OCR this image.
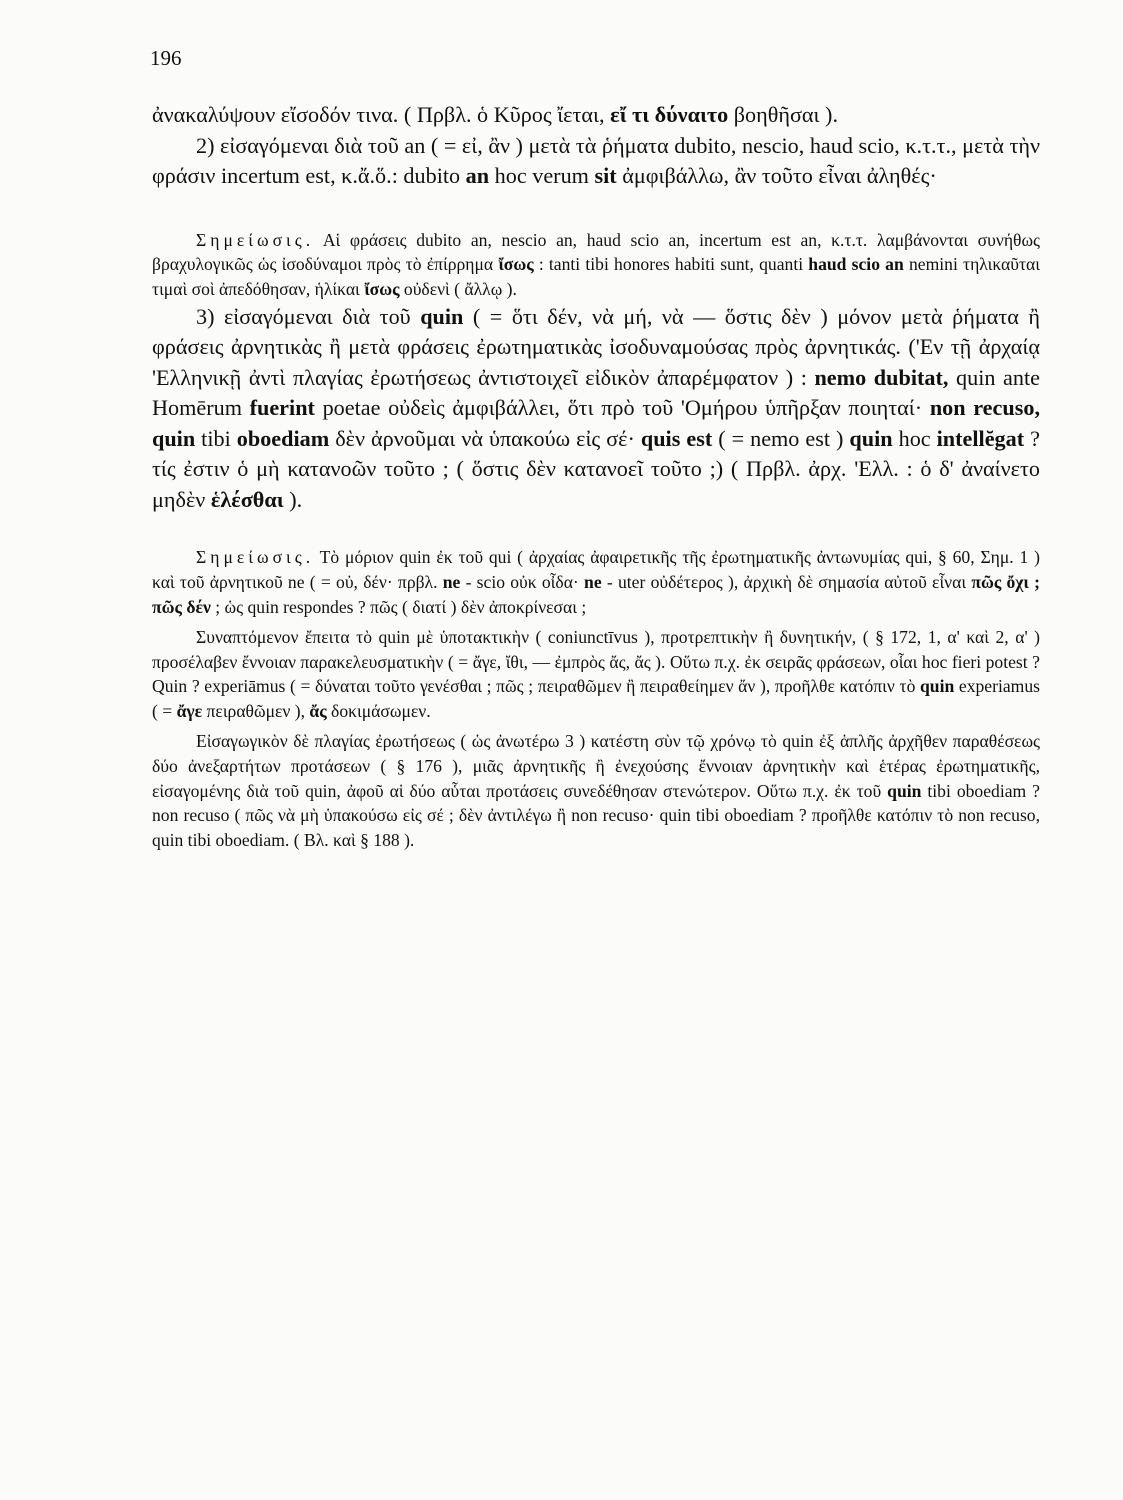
196

ἀνακαλύψουν εἴσοδόν τινα. ( Πρβλ. ὁ Κῦρος ἴεται, εἴ τι δύναιτο βοηθῆσαι ).

2) εἰσαγόμεναι διὰ τοῦ an ( = εἰ, ἂν ) μετὰ τὰ ῥήματα dubito, nescio, haud scio, κ.τ.τ., μετὰ τὴν φράσιν incertum est, κ.ἄ.ὅ.: dubito an hoc verum sit ἀμφιβάλλω, ἂν τοῦτο εἶναι ἀληθές·

Σημείωσις. Αἱ φράσεις dubito an, nescio an, haud scio an, incertum est an, κ.τ.τ. λαμβάνονται συνήθως βραχυλογικῶς ὡς ἰσοδύναμοι πρὸς τὸ ἐπίρρημα ἴσως : tanti tibi honores habiti sunt, quanti haud scio an nemini τηλικαῦται τιμαὶ σοὶ ἀπεδόθησαν, ἡλίκαι ἴσως οὐδενὶ ( ἄλλῳ ).

3) εἰσαγόμεναι διὰ τοῦ quin ( = ὅτι δέν, νὰ μή, νὰ — ὅστις δὲν ) μόνον μετὰ ῥήματα ἢ φράσεις ἀρνητικὰς ἢ μετὰ φράσεις ἐρωτηματικὰς ἰσοδυναμούσας πρὸς ἀρνητικάς. ('Εν τῇ ἀρχαίᾳ 'Ελληνικῇ ἀντὶ πλαγίας ἐρωτήσεως ἀντιστοιχεῖ εἰδικὸν ἀπαρέμφατον ) : nemo dubitat, quin ante Homērum fuerint poetae οὐδεὶς ἀμφιβάλλει, ὅτι πρὸ τοῦ 'Ομήρου ὑπῆρξαν ποιηταί· non recuso, quin tibi oboediam δὲν ἀρνοῦμαι νὰ ὑπακούω εἰς σέ· quis est ( = nemo est ) quin hoc intellĕgat ? τίς ἐστιν ὁ μὴ κατανοῶν τοῦτο ; ( ὅστις δὲν κατανοεῖ τοῦτο ;) ( Πρβλ. ἀρχ. 'Ελλ. : ὁ δ' ἀναίνετο μηδὲν ἑλέσθαι ).

Σημείωσις. Τὸ μόριον quin ἐκ τοῦ qui ( ἀρχαίας ἀφαιρετικῆς τῆς ἐρωτηματικῆς ἀντωνυμίας qui, § 60, Σημ. 1 ) καὶ τοῦ ἀρνητικοῦ ne ( = οὐ, δέν· πρβλ. ne - scio οὐκ οἶδα· ne - uter οὐδέτερος ), ἀρχικὴ δὲ σημασία αὐτοῦ εἶναι πῶς ὄχι ; πῶς δέν ; ὡς quin respondes ? πῶς ( διατί ) δὲν ἀποκρίνεσαι ;

Συναπτόμενον ἔπειτα τὸ quin μὲ ὑποτακτικὴν ( coniunctīvus ), προτρεπτικὴν ἢ δυνητικήν, ( § 172, 1, α' καὶ 2, α' ) προσέλαβεν ἔννοιαν παρακελευσματικὴν ( = ἄγε, ἴθι, — ἐμπρὸς ἄς, ἄς ). Οὕτω π.χ. ἐκ σειρᾶς φράσεων, οἷαι hoc fieri potest ? Quin ? experiāmus ( = δύναται τοῦτο γενέσθαι ; πῶς ; πειραθῶμεν ἢ πειραθείημεν ἄν ), προῆλθε κατόπιν τὸ quin experiamus ( = ἄγε πειραθῶμεν ), ἄς δοκιμάσωμεν.

Εἰσαγωγικὸν δὲ πλαγίας ἐρωτήσεως ( ὡς ἀνωτέρω 3 ) κατέστη σὺν τῷ χρόνῳ τὸ quin ἐξ ἁπλῆς ἀρχῆθεν παραθέσεως δύο ἀνεξαρτήτων προτάσεων ( § 176 ), μιᾶς ἀρνητικῆς ἢ ἐνεχούσης ἔννοιαν ἀρνητικὴν καὶ ἑτέρας ἐρωτηματικῆς, εἰσαγομένης διὰ τοῦ quin, ἀφοῦ αἱ δύο αὗται προτάσεις συνεδέθησαν στενώτερον. Οὕτω π.χ. ἐκ τοῦ quin tibi oboediam ? non recuso ( πῶς νὰ μὴ ὑπακούσω εἰς σέ ; δὲν ἀντιλέγω ἢ non recuso· quin tibi oboediam ? προῆλθε κατόπιν τὸ non recuso, quin tibi oboediam. ( Βλ. καὶ § 188 ).
